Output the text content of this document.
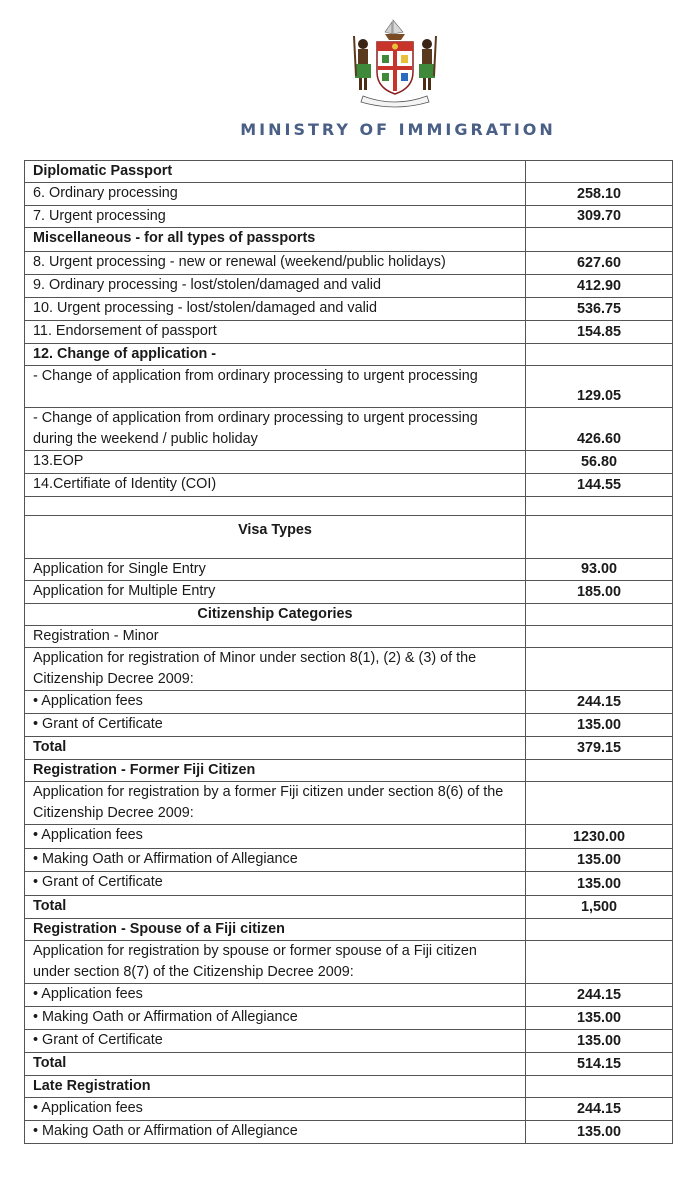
MINISTRY OF IMMIGRATION
Diplomatic Passport	
6. Ordinary processing	258.10
7. Urgent processing	309.70
Miscellaneous - for all types of passports	
8. Urgent processing - new or renewal (weekend/public holidays)	627.60
9. Ordinary processing - lost/stolen/damaged and valid	412.90
10. Urgent processing - lost/stolen/damaged and valid	536.75
11. Endorsement of passport	154.85
12. Change of application -	
- Change of application from ordinary processing to urgent processing	129.05
- Change of application from ordinary processing to urgent processing during the weekend / public holiday	426.60
13.EOP	56.80
14.Certifiate of Identity (COI)	144.55

Visa Types	
Application for Single Entry	93.00
Application for Multiple Entry	185.00
Citizenship Categories	
Registration - Minor	
Application for registration of Minor under section 8(1), (2) & (3) of the Citizenship Decree 2009:	
• Application fees	244.15
• Grant of Certificate	135.00
Total	379.15
Registration - Former Fiji Citizen	
Application for registration by a former Fiji citizen under section 8(6) of the Citizenship Decree 2009:	
• Application fees	1230.00
• Making Oath or Affirmation of Allegiance	135.00
• Grant of Certificate	135.00
Total	1,500
Registration - Spouse of a Fiji citizen	
Application for registration by spouse or former spouse of a Fiji citizen under section 8(7) of the Citizenship Decree 2009:	
• Application fees	244.15
• Making Oath or Affirmation of Allegiance	135.00
• Grant of Certificate	135.00
Total	514.15
Late Registration	
• Application fees	244.15
• Making Oath or Affirmation of Allegiance	135.00
